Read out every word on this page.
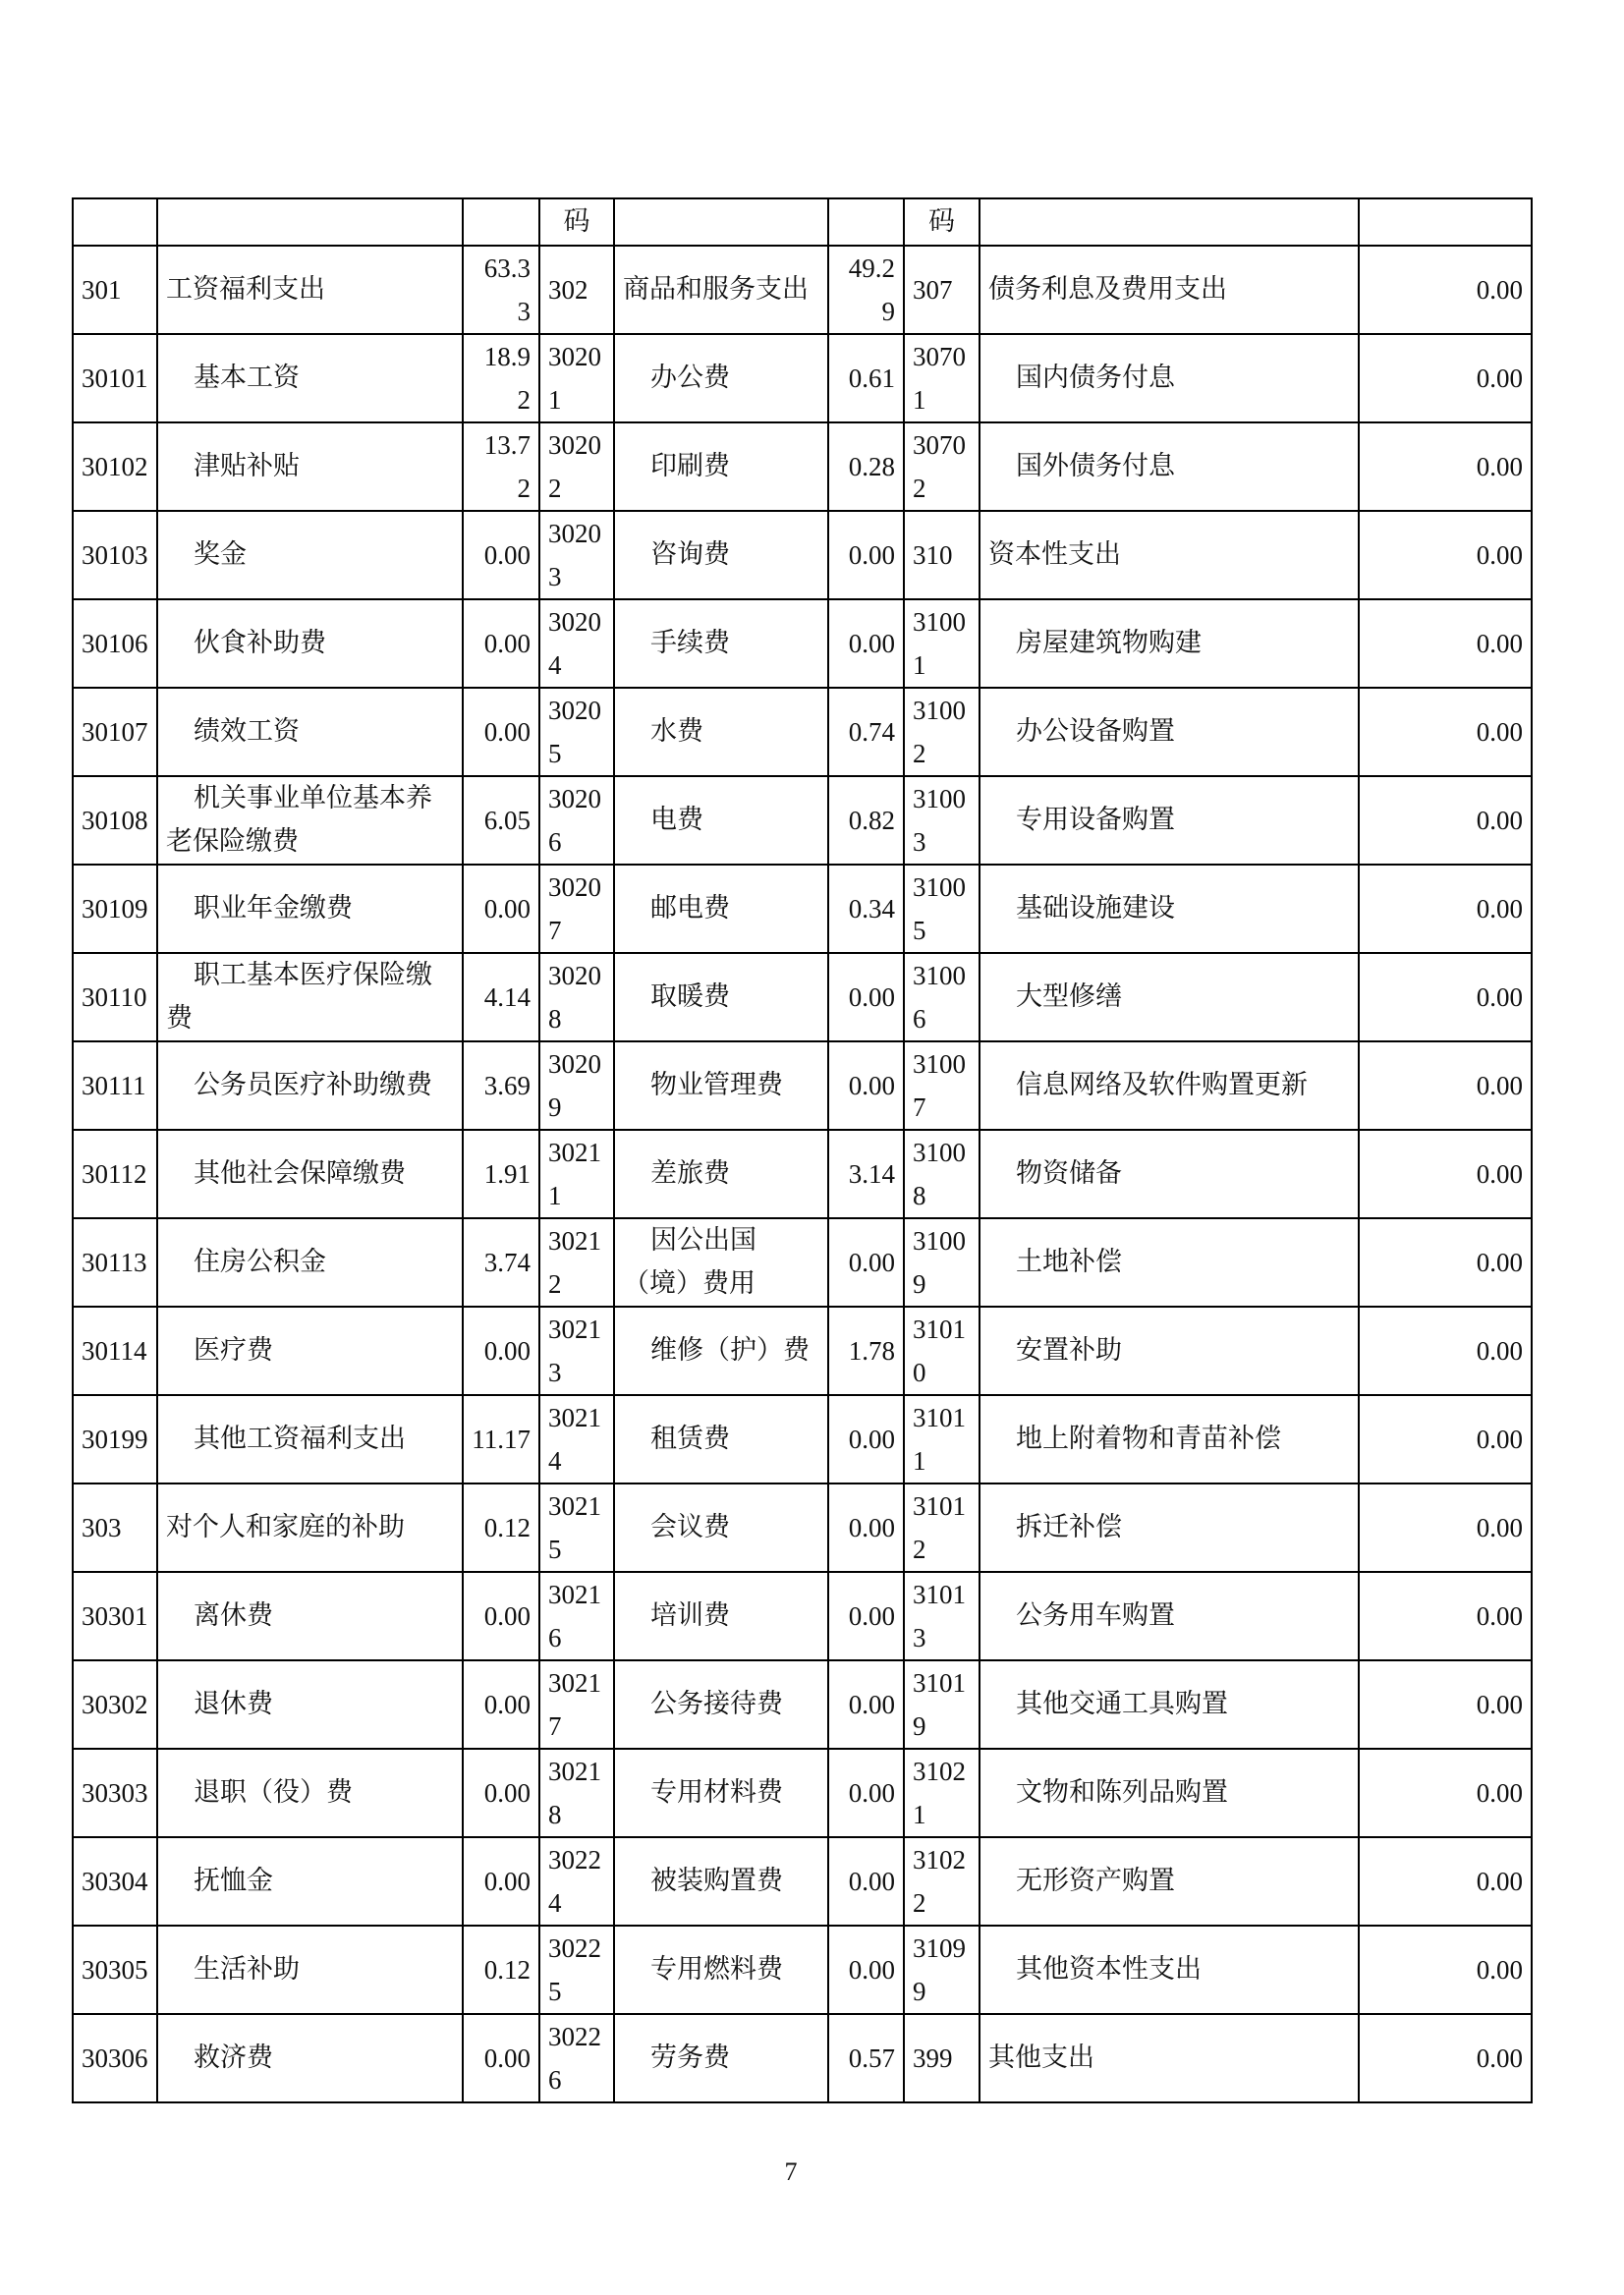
			码			码		
301	工资福利支出	63.33	302	商品和服务支出	49.29	307	债务利息及费用支出	0.00
30101	基本工资	18.92	30201	办公费	0.61	30701	国内债务付息	0.00
30102	津贴补贴	13.72	30202	印刷费	0.28	30702	国外债务付息	0.00
30103	奖金	0.00	30203	咨询费	0.00	310	资本性支出	0.00
30106	伙食补助费	0.00	30204	手续费	0.00	31001	房屋建筑物购建	0.00
30107	绩效工资	0.00	30205	水费	0.74	31002	办公设备购置	0.00
30108	机关事业单位基本养老保险缴费	6.05	30206	电费	0.82	31003	专用设备购置	0.00
30109	职业年金缴费	0.00	30207	邮电费	0.34	31005	基础设施建设	0.00
30110	职工基本医疗保险缴费	4.14	30208	取暖费	0.00	31006	大型修缮	0.00
30111	公务员医疗补助缴费	3.69	30209	物业管理费	0.00	31007	信息网络及软件购置更新	0.00
30112	其他社会保障缴费	1.91	30211	差旅费	3.14	31008	物资储备	0.00
30113	住房公积金	3.74	30212	因公出国（境）费用	0.00	31009	土地补偿	0.00
30114	医疗费	0.00	30213	维修（护）费	1.78	31010	安置补助	0.00
30199	其他工资福利支出	11.17	30214	租赁费	0.00	31011	地上附着物和青苗补偿	0.00
303	对个人和家庭的补助	0.12	30215	会议费	0.00	31012	拆迁补偿	0.00
30301	离休费	0.00	30216	培训费	0.00	31013	公务用车购置	0.00
30302	退休费	0.00	30217	公务接待费	0.00	31019	其他交通工具购置	0.00
30303	退职（役）费	0.00	30218	专用材料费	0.00	31021	文物和陈列品购置	0.00
30304	抚恤金	0.00	30224	被装购置费	0.00	31022	无形资产购置	0.00
30305	生活补助	0.12	30225	专用燃料费	0.00	31099	其他资本性支出	0.00
30306	救济费	0.00	30226	劳务费	0.57	399	其他支出	0.00
7
